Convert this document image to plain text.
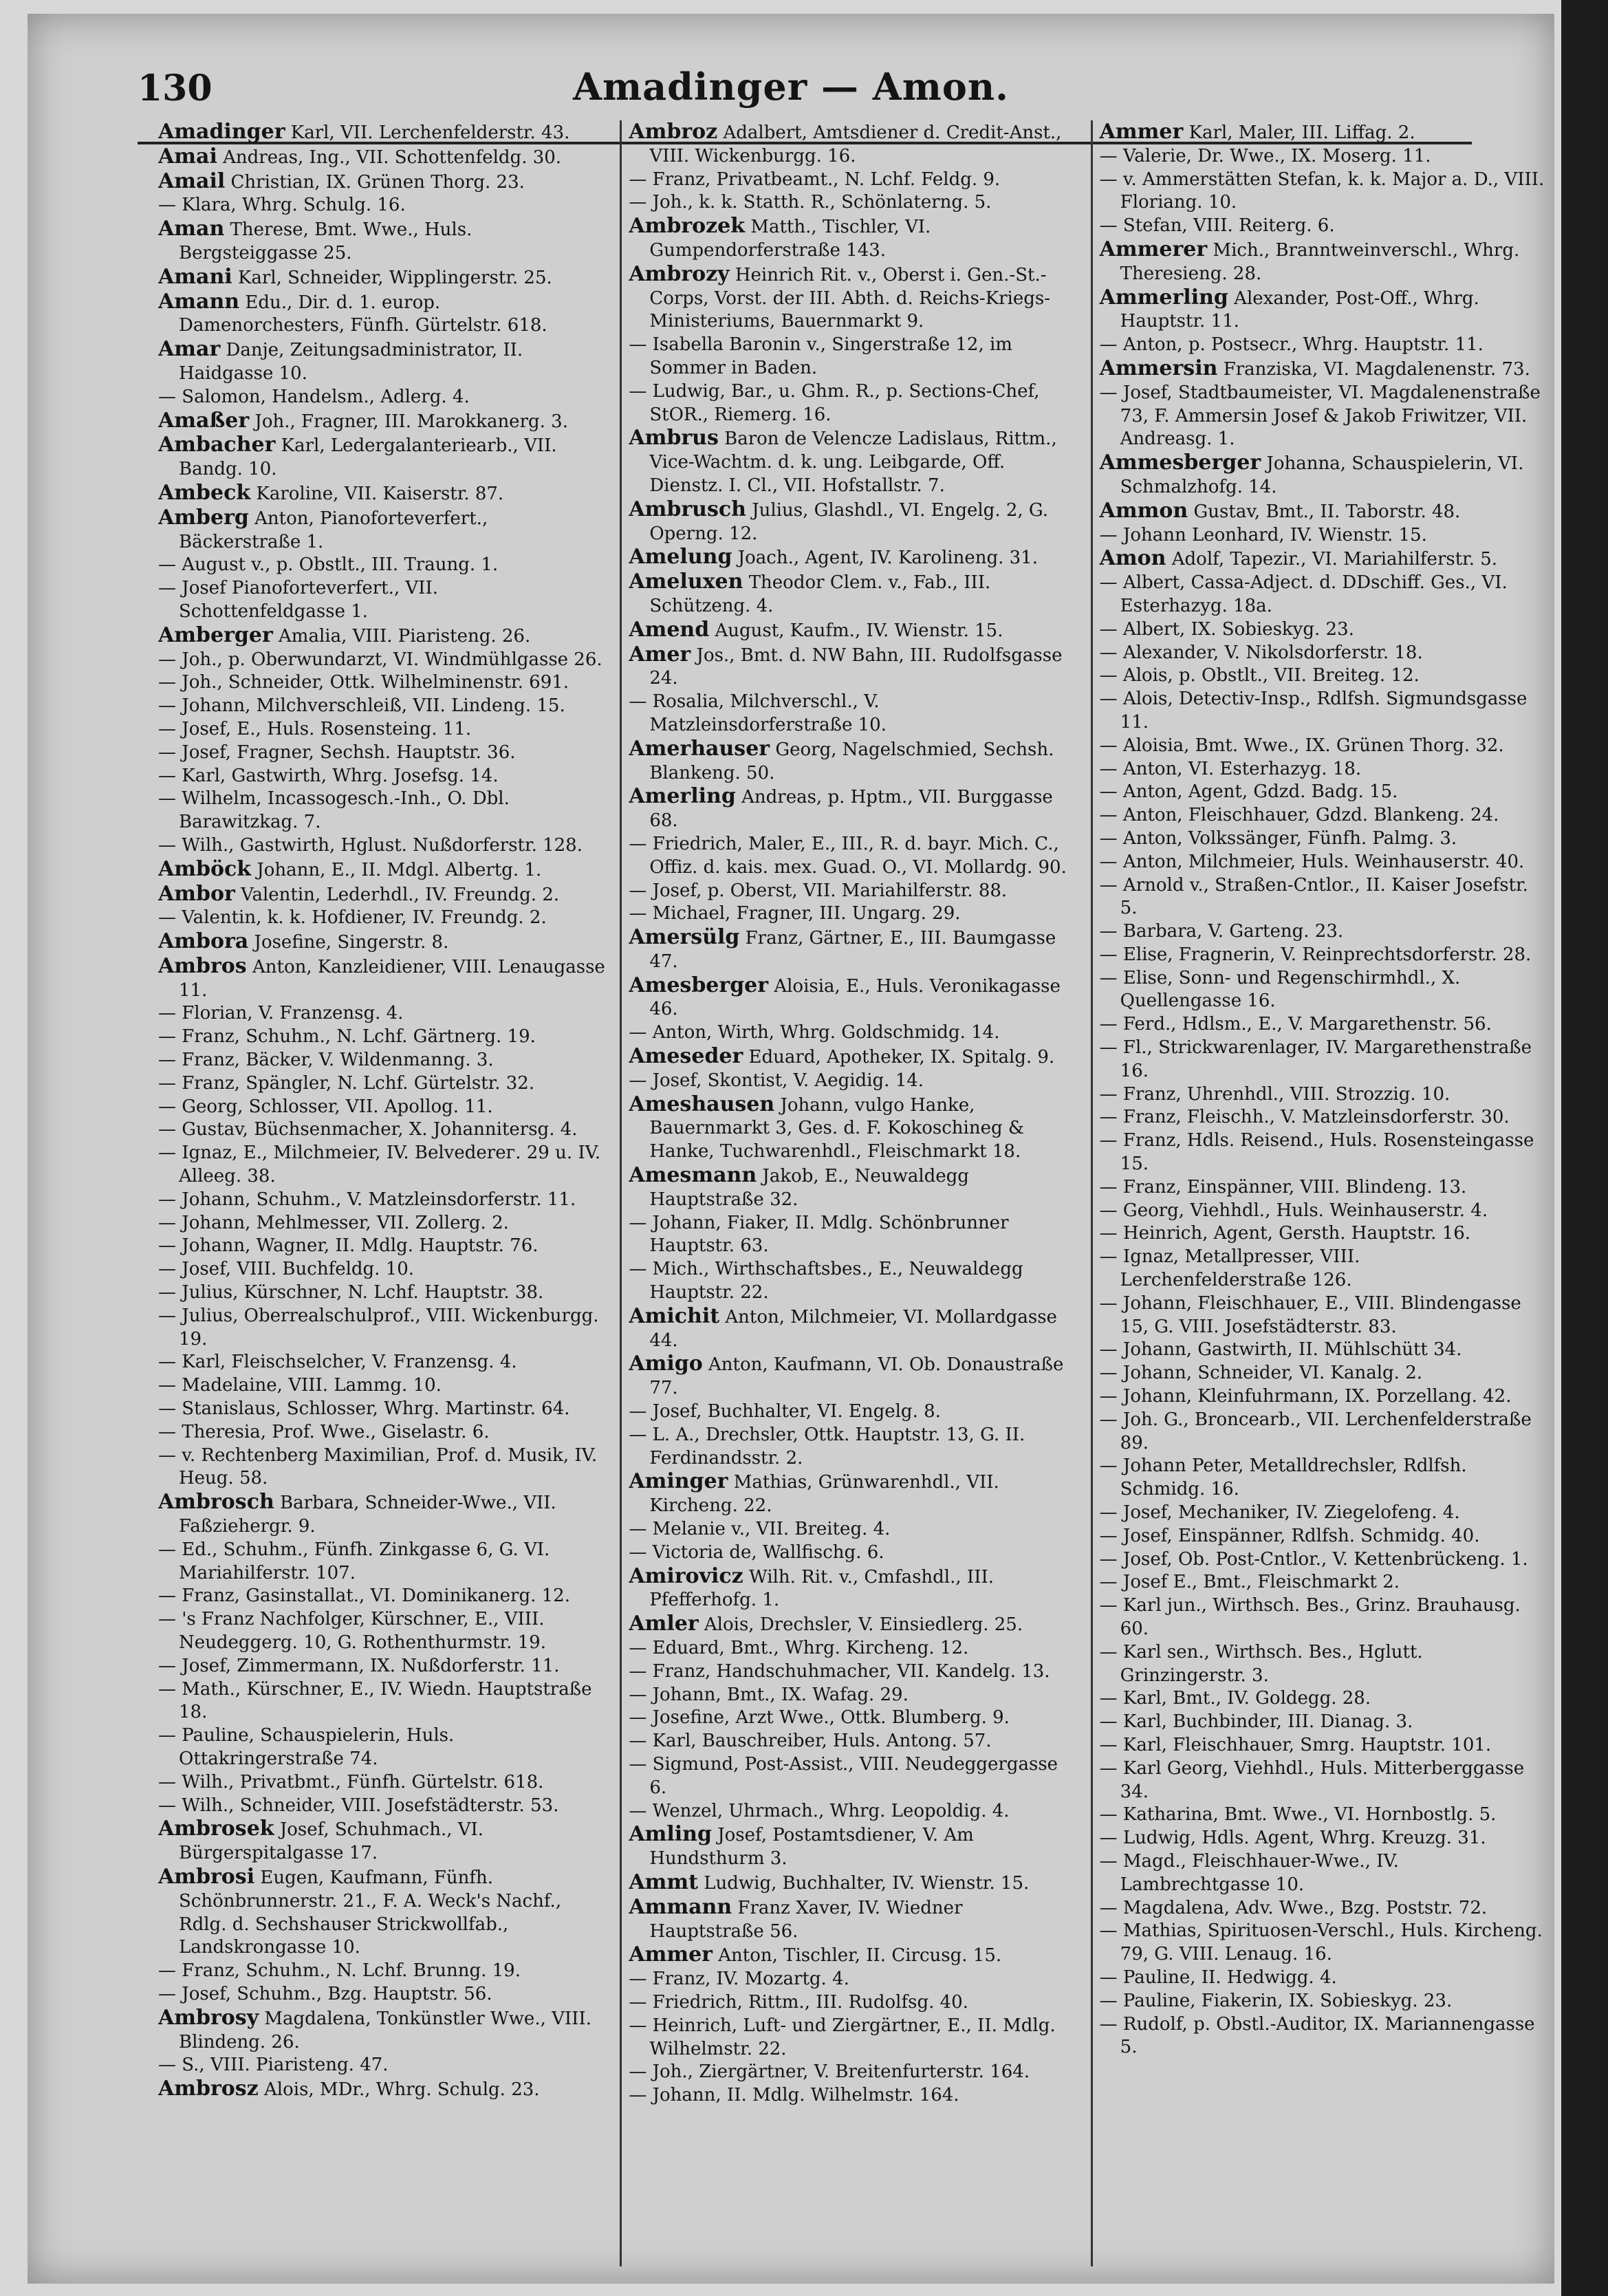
130	Amadinger — Amon.

Amadinger Karl, VII. Lerchenfelderstr. 43.

Amai Andreas, Ing., VII. Schottenfeldg. 30.

Amail Christian, IX. Grünen Thorg. 23.

— Klara, Whrg. Schulg. 16.

Aman Therese, Bmt. Wwe., Huls. Bergsteiggasse 25.

Amani Karl, Schneider, Wipplingerstr. 25.

Amann Edu., Dir. d. 1. europ. Damenorchesters, Fünfh. Gürtelstr. 618.

Amar Danje, Zeitungsadministrator, II. Haidgasse 10.

— Salomon, Handelsm., Adlerg. 4.

Amaßer Joh., Fragner, III. Marokkanerg. 3.

Ambacher Karl, Ledergalanteriearb., VII. Bandg. 10.

Ambeck Karoline, VII. Kaiserstr. 87.

Amberg Anton, Pianoforteverfert., Bäckerstraße 1.

— August v., p. Obstlt., III. Traung. 1.

— Josef Pianoforteverfert., VII. Schottenfeldgasse 1.

Amberger Amalia, VIII. Piaristeng. 26.

— Joh., p. Oberwundarzt, VI. Windmühlgasse 26.

— Joh., Schneider, Ottk. Wilhelminenstr. 691.

— Johann, Milchverschleiß, VII. Lindeng. 15.

— Josef, E., Huls. Rosensteing. 11.

— Josef, Fragner, Sechsh. Hauptstr. 36.

— Karl, Gastwirth, Whrg. Josefsg. 14.

— Wilhelm, Incassogesch.-Inh., O. Dbl. Barawitzkag. 7.

— Wilh., Gastwirth, Hglust. Nußdorferstr. 128.

Amböck Johann, E., II. Mdgl. Albertg. 1.

Ambor Valentin, Lederhdl., IV. Freundg. 2.

— Valentin, k. k. Hofdiener, IV. Freundg. 2.

Ambora Josefine, Singerstr. 8.

Ambros Anton, Kanzleidiener, VIII. Lenaugasse 11.

— Florian, V. Franzensg. 4.

— Franz, Schuhm., N. Lchf. Gärtnerg. 19.

— Franz, Bäcker, V. Wildenmanng. 3.

— Franz, Spängler, N. Lchf. Gürtelstr. 32.

— Georg, Schlosser, VII. Apollog. 11.

— Gustav, Büchsenmacher, X. Johannitersg. 4.

— Ignaz, E., Milchmeier, IV. Belvederег. 29 u. IV. Alleeg. 38.

— Johann, Schuhm., V. Matzleinsdorferstr. 11.

— Johann, Mehlmesser, VII. Zollerg. 2.

— Johann, Wagner, II. Mdlg. Hauptstr. 76.

— Josef, VIII. Buchfeldg. 10.

— Julius, Kürschner, N. Lchf. Hauptstr. 38.

— Julius, Oberrealschulprof., VIII. Wickenburgg. 19.

— Karl, Fleischselcher, V. Franzensg. 4.

— Madelaine, VIII. Lammg. 10.

— Stanislaus, Schlosser, Whrg. Martinstr. 64.

— Theresia, Prof. Wwe., Giselastr. 6.

— v. Rechtenberg Maximilian, Prof. d. Musik, IV. Heug. 58.

Ambrosch Barbara, Schneider-Wwe., VII. Faßziehergr. 9.

— Ed., Schuhm., Fünfh. Zinkgasse 6, G. VI. Mariahilferstr. 107.

— Franz, Gasinstallat., VI. Dominikanerg. 12.

— 's Franz Nachfolger, Kürschner, E., VIII. Neudeggerg. 10, G. Rothenthurmstr. 19.

— Josef, Zimmermann, IX. Nußdorferstr. 11.

— Math., Kürschner, E., IV. Wiedn. Hauptstraße 18.

— Pauline, Schauspielerin, Huls. Ottakringerstraße 74.

— Wilh., Privatbmt., Fünfh. Gürtelstr. 618.

— Wilh., Schneider, VIII. Josefstädterstr. 53.

Ambrosek Josef, Schuhmach., VI. Bürgerspitalgasse 17.

Ambrosi Eugen, Kaufmann, Fünfh. Schönbrunnerstr. 21., F. A. Weck's Nachf., Rdlg. d. Sechshauser Strickwollfab., Landskrongasse 10.

— Franz, Schuhm., N. Lchf. Brunng. 19.

— Josef, Schuhm., Bzg. Hauptstr. 56.

Ambrosy Magdalena, Tonkünstler Wwe., VIII. Blindeng. 26.

— S., VIII. Piaristeng. 47.

Ambrosz Alois, MDr., Whrg. Schulg. 23.

Ambroz Adalbert, Amtsdiener d. Credit-Anst., VIII. Wickenburgg. 16.

— Franz, Privatbeamt., N. Lchf. Feldg. 9.

— Joh., k. k. Statth. R., Schönlaterng. 5.

Ambrozek Matth., Tischler, VI. Gumpendorferstraße 143.

Ambrozy Heinrich Rit. v., Oberst i. Gen.-St.-Corps, Vorst. der III. Abth. d. Reichs-Kriegs-Ministeriums, Bauernmarkt 9.

— Isabella Baronin v., Singerstraße 12, im Sommer in Baden.

— Ludwig, Bar., u. Ghm. R., p. Sections-Chef, StOR., Riemerg. 16.

Ambrus Baron de Velencze Ladislaus, Rittm., Vice-Wachtm. d. k. ung. Leibgarde, Off. Dienstz. I. Cl., VII. Hofstallstr. 7.

Ambrusch Julius, Glashdl., VI. Engelg. 2, G. Operng. 12.

Amelung Joach., Agent, IV. Karolineng. 31.

Ameluxen Theodor Clem. v., Fab., III. Schützeng. 4.

Amend August, Kaufm., IV. Wienstr. 15.

Amer Jos., Bmt. d. NW Bahn, III. Rudolfsgasse 24.

— Rosalia, Milchverschl., V. Matzleinsdorferstraße 10.

Amerhauser Georg, Nagelschmied, Sechsh. Blankeng. 50.

Amerling Andreas, p. Hptm., VII. Burggasse 68.

— Friedrich, Maler, E., III., R. d. bayr. Mich. C., Offiz. d. kais. mex. Guad. O., VI. Mollardg. 90.

— Josef, p. Oberst, VII. Mariahilferstr. 88.

— Michael, Fragner, III. Ungarg. 29.

Amersülg Franz, Gärtner, E., III. Baumgasse 47.

Amesberger Aloisia, E., Huls. Veronikagasse 46.

— Anton, Wirth, Whrg. Goldschmidg. 14.

Ameseder Eduard, Apotheker, IX. Spitalg. 9.

— Josef, Skontist, V. Aegidig. 14.

Ameshausen Johann, vulgo Hanke, Bauernmarkt 3, Ges. d. F. Kokoschineg & Hanke, Tuchwarenhdl., Fleischmarkt 18.

Amesmann Jakob, E., Neuwaldegg Hauptstraße 32.

— Johann, Fiaker, II. Mdlg. Schönbrunner Hauptstr. 63.

— Mich., Wirthschaftsbes., E., Neuwaldegg Hauptstr. 22.

Amichit Anton, Milchmeier, VI. Mollardgasse 44.

Amigo Anton, Kaufmann, VI. Ob. Donaustraße 77.

— Josef, Buchhalter, VI. Engelg. 8.

— L. A., Drechsler, Ottk. Hauptstr. 13, G. II. Ferdinandsstr. 2.

Aminger Mathias, Grünwarenhdl., VII. Kircheng. 22.

— Melanie v., VII. Breiteg. 4.

— Victoria de, Wallfischg. 6.

Amirovicz Wilh. Rit. v., Cmfashdl., III. Pfefferhofg. 1.

Amler Alois, Drechsler, V. Einsiedlerg. 25.

— Eduard, Bmt., Whrg. Kircheng. 12.

— Franz, Handschuhmacher, VII. Kandelg. 13.

— Johann, Bmt., IX. Wafag. 29.

— Josefine, Arzt Wwe., Ottk. Blumberg. 9.

— Karl, Bauschreiber, Huls. Antong. 57.

— Sigmund, Post-Assist., VIII. Neudeggergasse 6.

— Wenzel, Uhrmach., Whrg. Leopoldig. 4.

Amling Josef, Postamtsdiener, V. Am Hundsthurm 3.

Ammt Ludwig, Buchhalter, IV. Wienstr. 15.

Ammann Franz Xaver, IV. Wiedner Hauptstraße 56.

Ammer Anton, Tischler, II. Circusg. 15.

— Franz, IV. Mozartg. 4.

— Friedrich, Rittm., III. Rudolfsg. 40.

— Heinrich, Luft- und Ziergärtner, E., II. Mdlg. Wilhelmstr. 22.

— Joh., Ziergärtner, V. Breitenfurterstr. 164.

— Johann, II. Mdlg. Wilhelmstr. 164.

Ammer Karl, Maler, III. Liffag. 2.

— Valerie, Dr. Wwe., IX. Moserg. 11.

— v. Ammerstätten Stefan, k. k. Major a. D., VIII. Floriang. 10.

— Stefan, VIII. Reiterg. 6.

Ammerer Mich., Branntweinverschl., Whrg. Theresieng. 28.

Ammerling Alexander, Post-Off., Whrg. Hauptstr. 11.

— Anton, p. Postsecr., Whrg. Hauptstr. 11.

Ammersin Franziska, VI. Magdalenenstr. 73.

— Josef, Stadtbaumeister, VI. Magdalenenstraße 73, F. Ammersin Josef & Jakob Friwitzer, VII. Andreasg. 1.

Ammesberger Johanna, Schauspielerin, VI. Schmalzhofg. 14.

Ammon Gustav, Bmt., II. Taborstr. 48.

— Johann Leonhard, IV. Wienstr. 15.

Amon Adolf, Tapezir., VI. Mariahilferstr. 5.

— Albert, Cassa-Adject. d. DDschiff. Ges., VI. Esterhazyg. 18a.

— Albert, IX. Sobieskyg. 23.

— Alexander, V. Nikolsdorferstr. 18.

— Alois, p. Obstlt., VII. Breiteg. 12.

— Alois, Detectiv-Insp., Rdlfsh. Sigmundsgasse 11.

— Aloisia, Bmt. Wwe., IX. Grünen Thorg. 32.

— Anton, VI. Esterhazyg. 18.

— Anton, Agent, Gdzd. Badg. 15.

— Anton, Fleischhauer, Gdzd. Blankeng. 24.

— Anton, Volkssänger, Fünfh. Palmg. 3.

— Anton, Milchmeier, Huls. Weinhauserstr. 40.

— Arnold v., Straßen-Cntlor., II. Kaiser Josefstr. 5.

— Barbara, V. Garteng. 23.

— Elise, Fragnerin, V. Reinprechtsdorferstr. 28.

— Elise, Sonn- und Regenschirmhdl., X. Quellengasse 16.

— Ferd., Hdlsm., E., V. Margarethenstr. 56.

— Fl., Strickwarenlager, IV. Margarethenstraße 16.

— Franz, Uhrenhdl., VIII. Strozzig. 10.

— Franz, Fleischh., V. Matzleinsdorferstr. 30.

— Franz, Hdls. Reisend., Huls. Rosensteingasse 15.

— Franz, Einspänner, VIII. Blindeng. 13.

— Georg, Viehhdl., Huls. Weinhauserstr. 4.

— Heinrich, Agent, Gersth. Hauptstr. 16.

— Ignaz, Metallpresser, VIII. Lerchenfelderstraße 126.

— Johann, Fleischhauer, E., VIII. Blindengasse 15, G. VIII. Josefstädterstr. 83.

— Johann, Gastwirth, II. Mühlschütt 34.

— Johann, Schneider, VI. Kanalg. 2.

— Johann, Kleinfuhrmann, IX. Porzellang. 42.

— Joh. G., Broncearb., VII. Lerchenfelderstraße 89.

— Johann Peter, Metalldrechsler, Rdlfsh. Schmidg. 16.

— Josef, Mechaniker, IV. Ziegelofeng. 4.

— Josef, Einspänner, Rdlfsh. Schmidg. 40.

— Josef, Ob. Post-Cntlor., V. Kettenbrückeng. 1.

— Josef E., Bmt., Fleischmarkt 2.

— Karl jun., Wirthsch. Bes., Grinz. Brauhausg. 60.

— Karl sen., Wirthsch. Bes., Hglutt. Grinzingerstr. 3.

— Karl, Bmt., IV. Goldegg. 28.

— Karl, Buchbinder, III. Dianag. 3.

— Karl, Fleischhauer, Smrg. Hauptstr. 101.

— Karl Georg, Viehhdl., Huls. Mitterberggasse 34.

— Katharina, Bmt. Wwe., VI. Hornbostlg. 5.

— Ludwig, Hdls. Agent, Whrg. Kreuzg. 31.

— Magd., Fleischhauer-Wwe., IV. Lambrechtgasse 10.

— Magdalena, Adv. Wwe., Bzg. Poststr. 72.

— Mathias, Spirituosen-Verschl., Huls. Kircheng. 79, G. VIII. Lenaug. 16.

— Pauline, II. Hedwigg. 4.

— Pauline, Fiakerin, IX. Sobieskyg. 23.

— Rudolf, p. Obstl.-Auditor, IX. Mariannengasse 5.
